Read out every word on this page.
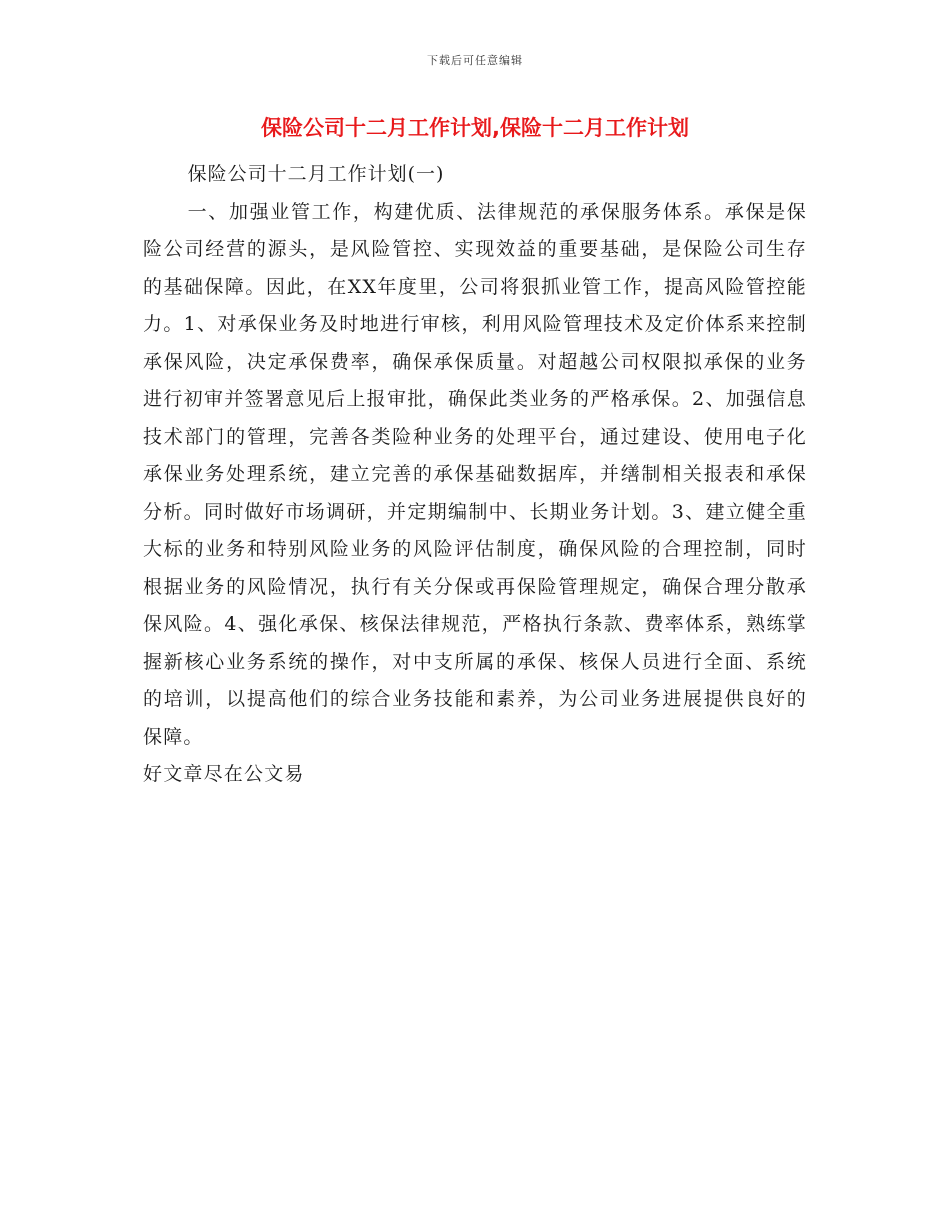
下载后可任意编辑
保险公司十二月工作计划,保险十二月工作计划

保险公司十二月工作计划(一)

一、加强业管工作，构建优质、法律规范的承保服务体系。承保是保险公司经营的源头，是风险管控、实现效益的重要基础，是保险公司生存的基础保障。因此，在XX年度里，公司将狠抓业管工作，提高风险管控能力。1、对承保业务及时地进行审核，利用风险管理技术及定价体系来控制承保风险，决定承保费率，确保承保质量。对超越公司权限拟承保的业务进行初审并签署意见后上报审批，确保此类业务的严格承保。2、加强信息技术部门的管理，完善各类险种业务的处理平台，通过建设、使用电子化承保业务处理系统，建立完善的承保基础数据库，并缮制相关报表和承保分析。同时做好市场调研，并定期编制中、长期业务计划。3、建立健全重大标的业务和特别风险业务的风险评估制度，确保风险的合理控制，同时根据业务的风险情况，执行有关分保或再保险管理规定，确保合理分散承保风险。4、强化承保、核保法律规范，严格执行条款、费率体系，熟练掌握新核心业务系统的操作，对中支所属的承保、核保人员进行全面、系统的培训，以提高他们的综合业务技能和素养，为公司业务进展提供良好的保障。

好文章尽在公文易
